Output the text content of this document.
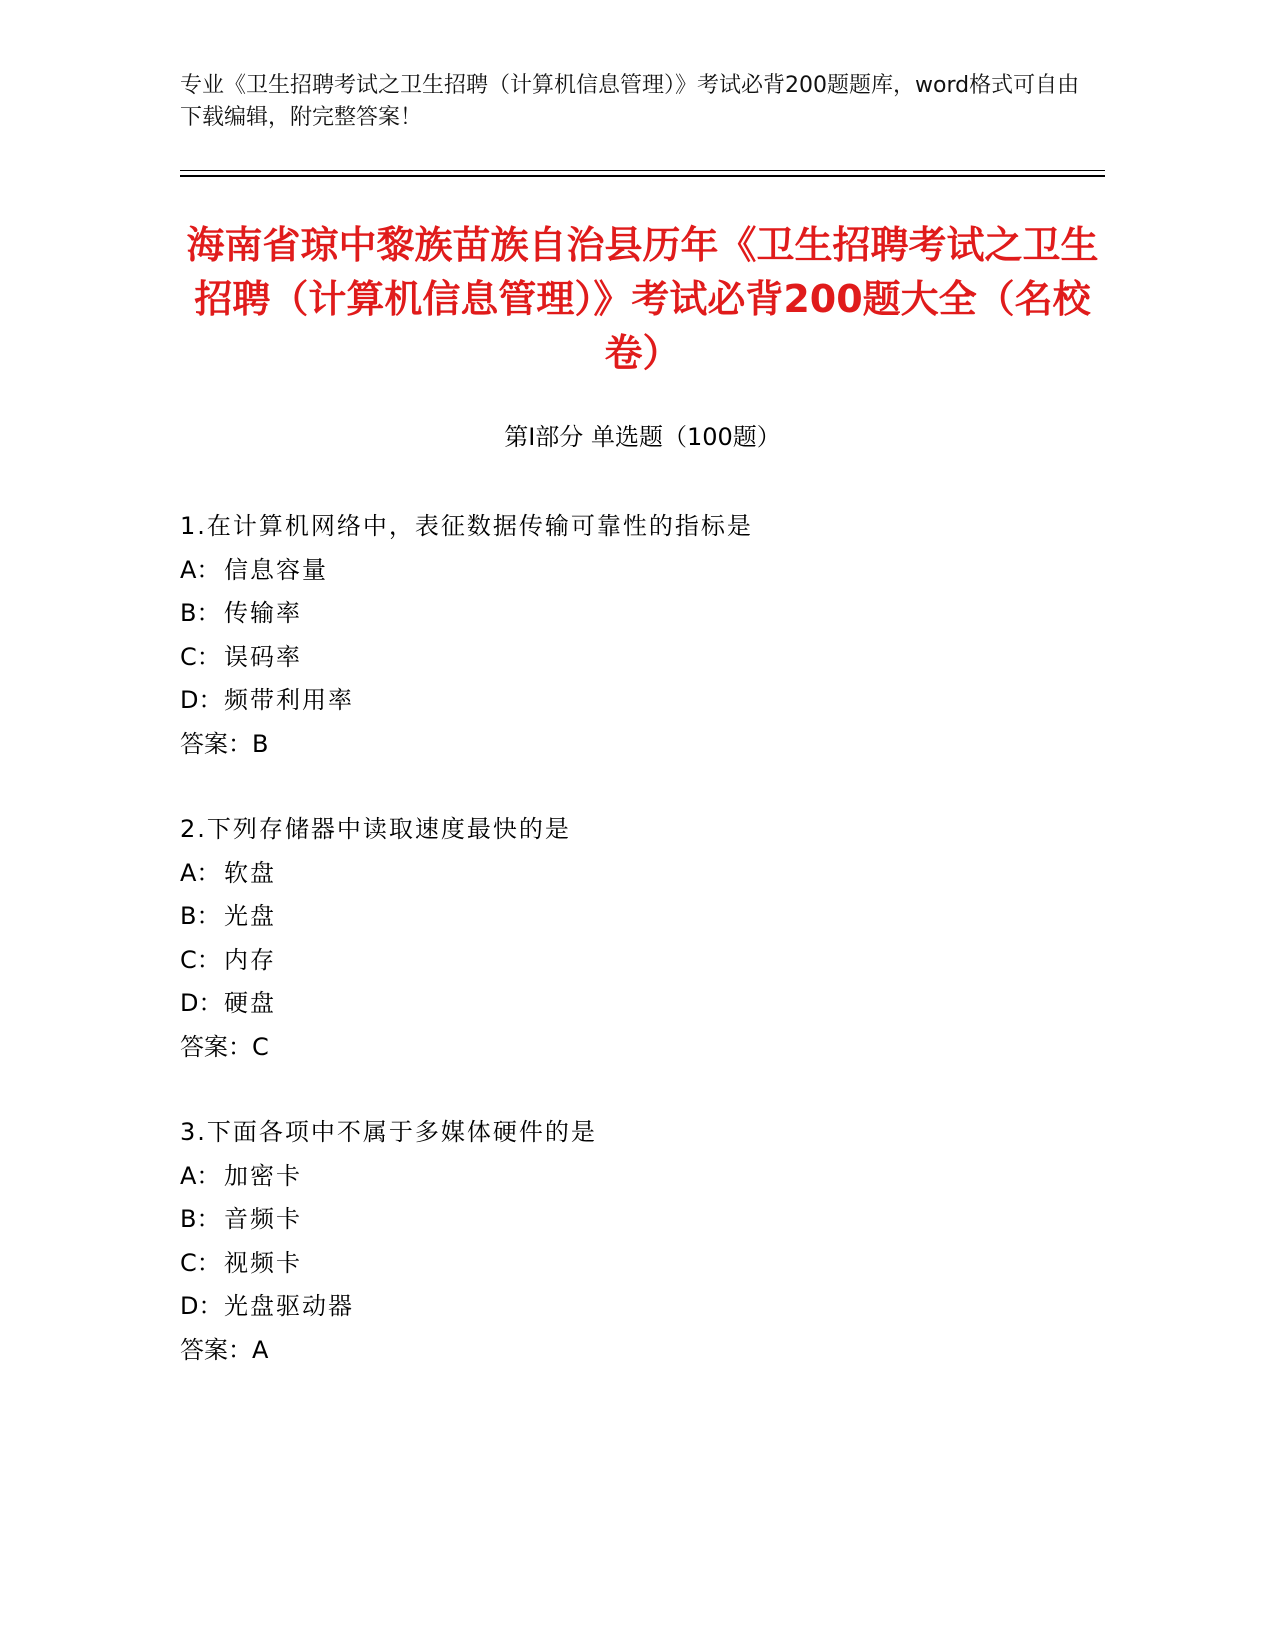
专业《卫生招聘考试之卫生招聘（计算机信息管理）》考试必背200题题库，word格式可自由下载编辑，附完整答案！
海南省琼中黎族苗族自治县历年《卫生招聘考试之卫生招聘（计算机信息管理）》考试必背200题大全（名校卷）
第Ⅰ部分 单选题（100题）
1.在计算机网络中，表征数据传输可靠性的指标是
A： 信息容量
B： 传输率
C： 误码率
D：频带利用率
答案：B
2.下列存储器中读取速度最快的是
A： 软盘
B： 光盘
C： 内存
D：硬盘
答案：C
3.下面各项中不属于多媒体硬件的是
A： 加密卡
B： 音频卡
C： 视频卡
D：光盘驱动器
答案：A
